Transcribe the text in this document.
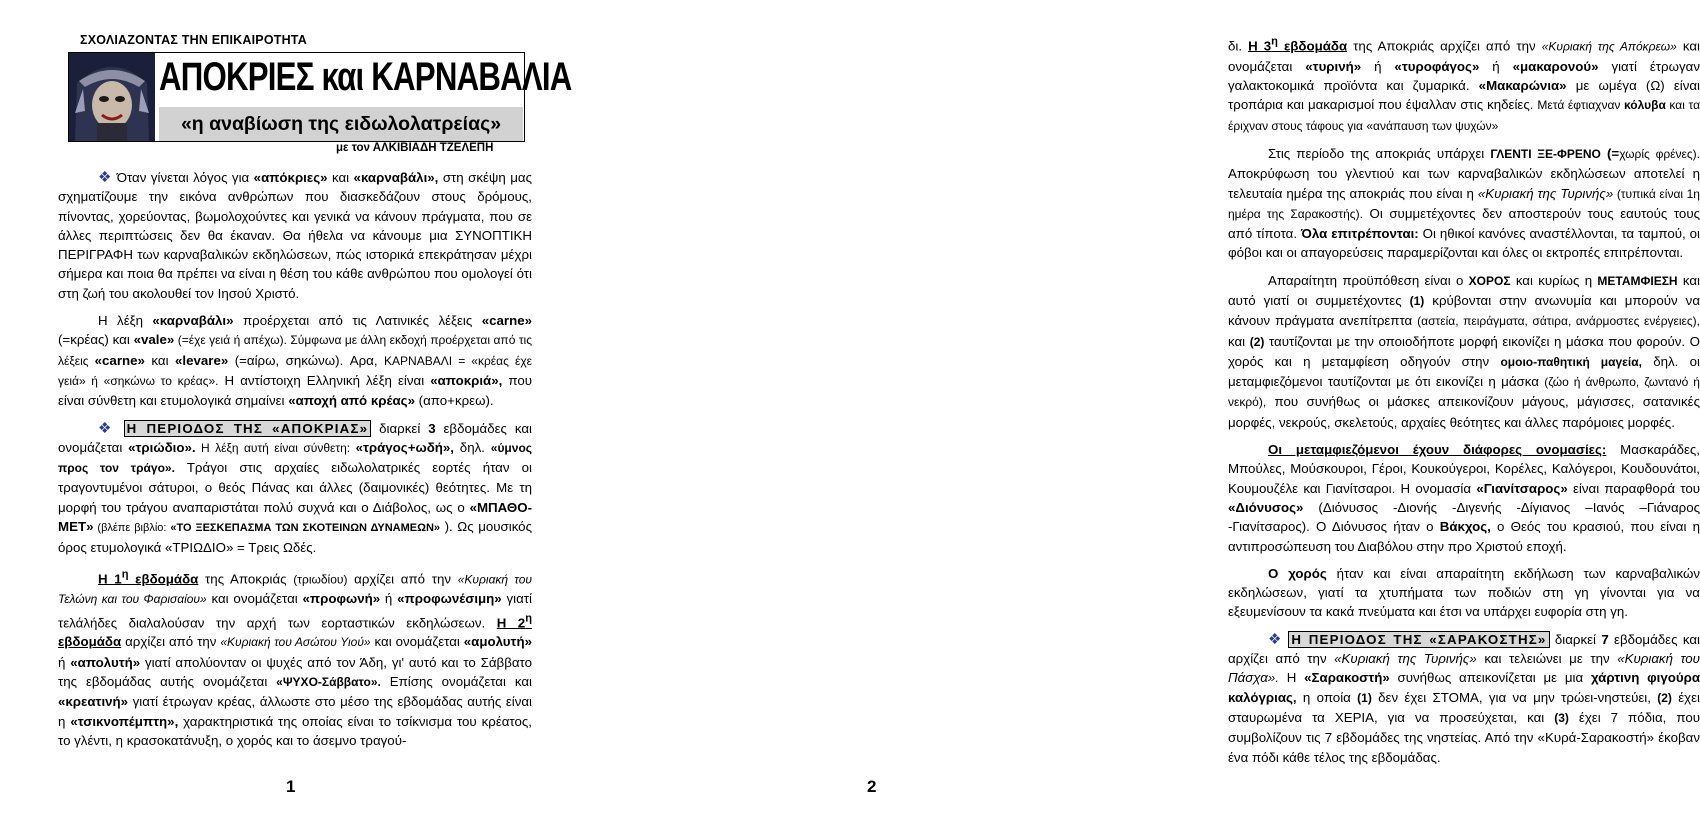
ΣΧΟΛΙΑΖΟΝΤΑΣ ΤΗΝ ΕΠΙΚΑΙΡΟΤΗΤΑ
ΑΠΟΚΡΙΕΣ και ΚΑΡΝΑΒΑΛΙΑ
«η αναβίωση της ειδωλολατρείας»
με τον ΑΛΚΙΒΙΑΔΗ ΤΖΕΛΕΠΗ

❖ Όταν γίνεται λόγος για «απόκριες» και «καρναβάλι», στη σκέψη μας σχηματίζουμε την εικόνα ανθρώπων που διασκεδάζουν στους δρόμους, πίνοντας, χορεύοντας, βωμολοχούντες και γενικά να κάνουν πράγματα, που σε άλλες περιπτώσεις δεν θα έκαναν. Θα ήθελα να κάνουμε μια ΣΥΝΟΠΤΙΚΗ ΠΕΡΙΓΡΑΦΗ των καρναβαλικών εκδηλώσεων, πώς ιστορικά επεκράτησαν μέχρι σήμερα και ποια θα πρέπει να είναι η θέση του κάθε ανθρώπου που ομολογεί ότι στη ζωή του ακολουθεί τον Ιησού Χριστό.

Η λέξη «καρναβάλι» προέρχεται από τις Λατινικές λέξεις «carne» (=κρέας) και «vale» (=έχε γειά ή απέχω). Σύμφωνα με άλλη εκδοχή προέρχεται από τις λέξεις «carne» και «levare» (=αίρω, σηκώνω). Αρα, ΚΑΡΝΑΒΑΛΙ = «κρέας έχε γειά» ή «σηκώνω το κρέας». Η αντίστοιχη Ελληνική λέξη είναι «αποκριά», που είναι σύνθετη και ετυμολογικά σημαίνει «αποχή από κρέας» (απο+κρεω).

❖ Η ΠΕΡΙΟΔΟΣ ΤΗΣ «ΑΠΟΚΡΙΑΣ» διαρκεί 3 εβδομάδες και ονομάζεται «τριώδιο». Η λέξη αυτή είναι σύνθετη: «τράγος+ωδή», δηλ. «ύμνος προς τον τράγο». Τράγοι στις αρχαίες ειδωλολατρικές εορτές ήταν οι τραγοντυμένοι σάτυροι, ο θεός Πάνας και άλλες (δαιμονικές) θεότητες. Με τη μορφή του τράγου αναπαριστάται πολύ συχνά και ο Διάβολος, ως ο «ΜΠΑΘΟ-ΜΕΤ» (βλέπε βιβλίο: «ΤΟ ΞΕΣΚΕΠΑΣΜΑ ΤΩΝ ΣΚΟΤΕΙΝΩΝ ΔΥΝΑΜΕΩΝ» ). Ως μουσικός όρος ετυμολογικά «ΤΡΙΩΔΙΟ» = Τρεις Ωδές.

Η $1^\eta$ εβδομάδα της Αποκριάς (τριωδίου) αρχίζει από την «Κυριακή του Τελώνη και του Φαρισαίου» και ονομάζεται «προφωνή» ή «προφωνέσιμη» γιατί τελάλήδες διαλαλούσαν την αρχή των εορταστικών εκδηλώσεων. Η $2^\eta$ εβδομάδα αρχίζει από την «Κυριακή του Ασώτου Υιού» και ονομάζεται «αμολυτή» ή «απολυτή» γιατί απολύονταν οι ψυχές από τον Άδη, γι' αυτό και το Σάββατο της εβδομάδας αυτής ονομάζεται «ΨΥΧΟ-Σάββατο». Επίσης ονομάζεται και «κρεατινή» γιατί έτρωγαν κρέας, άλλωστε στο μέσο της εβδομάδας αυτής είναι η «τσικνοπέμπτη», χαρακτηριστικά της οποίας είναι το τσίκνισμα του κρέατος, το γλέντι, η κρασοκατάνυξη, ο χορός και το άσεμνο τραγού-

1

δι. Η $3^\eta$ εβδομάδα της Αποκριάς αρχίζει από την «Κυριακή της Απόκρεω» και ονομάζεται «τυρινή» ή «τυροφάγος» ή «μακαρονού» γιατί έτρωγαν γαλακτοκομικά προϊόντα και ζυμαρικά. «Μακαρώνια» με ωμέγα (Ω) είναι τροπάρια και μακαρισμοί που έψαλλαν στις κηδείες. Μετά έφτιαχναν κόλυβα και τα έριχναν στους τάφους για «ανάπαυση των ψυχών»

Στις περίοδο της αποκριάς υπάρχει ΓΛΕΝΤΙ ΞΕ-ΦΡΕΝΟ (=χωρίς φρένες). Αποκρύφωση του γλεντιού και των καρναβαλικών εκδηλώσεων αποτελεί η τελευταία ημέρα της αποκριάς που είναι η «Κυριακή της Τυρινής» (τυπικά είναι 1η ημέρα της Σαρακοστής). Οι συμμετέχοντες δεν αποστερούν τους εαυτούς τους από τίποτα. Όλα επιτρέπονται: Οι ηθικοί κανόνες αναστέλλονται, τα ταμπού, οι φόβοι και οι απαγορεύσεις παραμερίζονται και όλες οι εκτροπές επιτρέπονται.

Απαραίτητη προϋπόθεση είναι ο ΧΟΡΟΣ και κυρίως η ΜΕΤΑΜΦΙΕΣΗ και αυτό γιατί οι συμμετέχοντες (1) κρύβονται στην ανωνυμία και μπορούν να κάνουν πράγματα ανεπίτρεπτα (αστεία, πειράγματα, σάτιρα, ανάρμοστες ενέργειες), και (2) ταυτίζονται με την οποιοδήποτε μορφή εικονίζει η μάσκα που φορούν. Ο χορός και η μεταμφίεση οδηγούν στην ομοιο-παθητική μαγεία, δηλ. οι μεταμφιεζόμενοι ταυτίζονται με ότι εικονίζει η μάσκα (ζώο ή άνθρωπο, ζωντανό ή νεκρό), που συνήθως οι μάσκες απεικονίζουν μάγους, μάγισσες, σατανικές μορφές, νεκρούς, σκελετούς, αρχαίες θεότητες και άλλες παρόμοιες μορφές.

Οι μεταμφιεζόμενοι έχουν διάφορες ονομασίες: Μασκαράδες, Μπούλες, Μούσκουροι, Γέροι, Κουκούγεροι, Κορέλες, Καλόγεροι, Κουδουνάτοι, Κουμουζέλε και Γιανίτσαροι. Η ονομασία «Γιανίτσαρος» είναι παραφθορά του «Διόνυσος» (Διόνυσος -Διονής -Διγενής -Δίγιανος –Ιανός –Γιάναρος -Γιανίτσαρος). Ο Διόνυσος ήταν ο Βάκχος, ο Θεός του κρασιού, που είναι η αντιπροσώπευση του Διαβόλου στην προ Χριστού εποχή.

Ο χορός ήταν και είναι απαραίτητη εκδήλωση των καρναβαλικών εκδηλώσεων, γιατί τα χτυπήματα των ποδιών στη γη γίνονται για να εξευμενίσουν τα κακά πνεύματα και έτσι να υπάρχει ευφορία στη γη.

❖ Η ΠΕΡΙΟΔΟΣ ΤΗΣ «ΣΑΡΑΚΟΣΤΗΣ» διαρκεί 7 εβδομάδες και αρχίζει από την «Κυριακή της Τυρινής» και τελειώνει με την «Κυριακή του Πάσχα». Η «Σαρακοστή» συνήθως απεικονίζεται με μια χάρτινη φιγούρα καλόγριας, η οποία (1) δεν έχει ΣΤΟΜΑ, για να μην τρώει-νηστεύει, (2) έχει σταυρωμένα τα ΧΕΡΙΑ, για να προσεύχεται, και (3) έχει 7 πόδια, που συμβολίζουν τις 7 εβδομάδες της νηστείας. Από την «Κυρά-Σαρακοστή» έκοβαν ένα πόδι κάθε τέλος της εβδομάδας.

2
